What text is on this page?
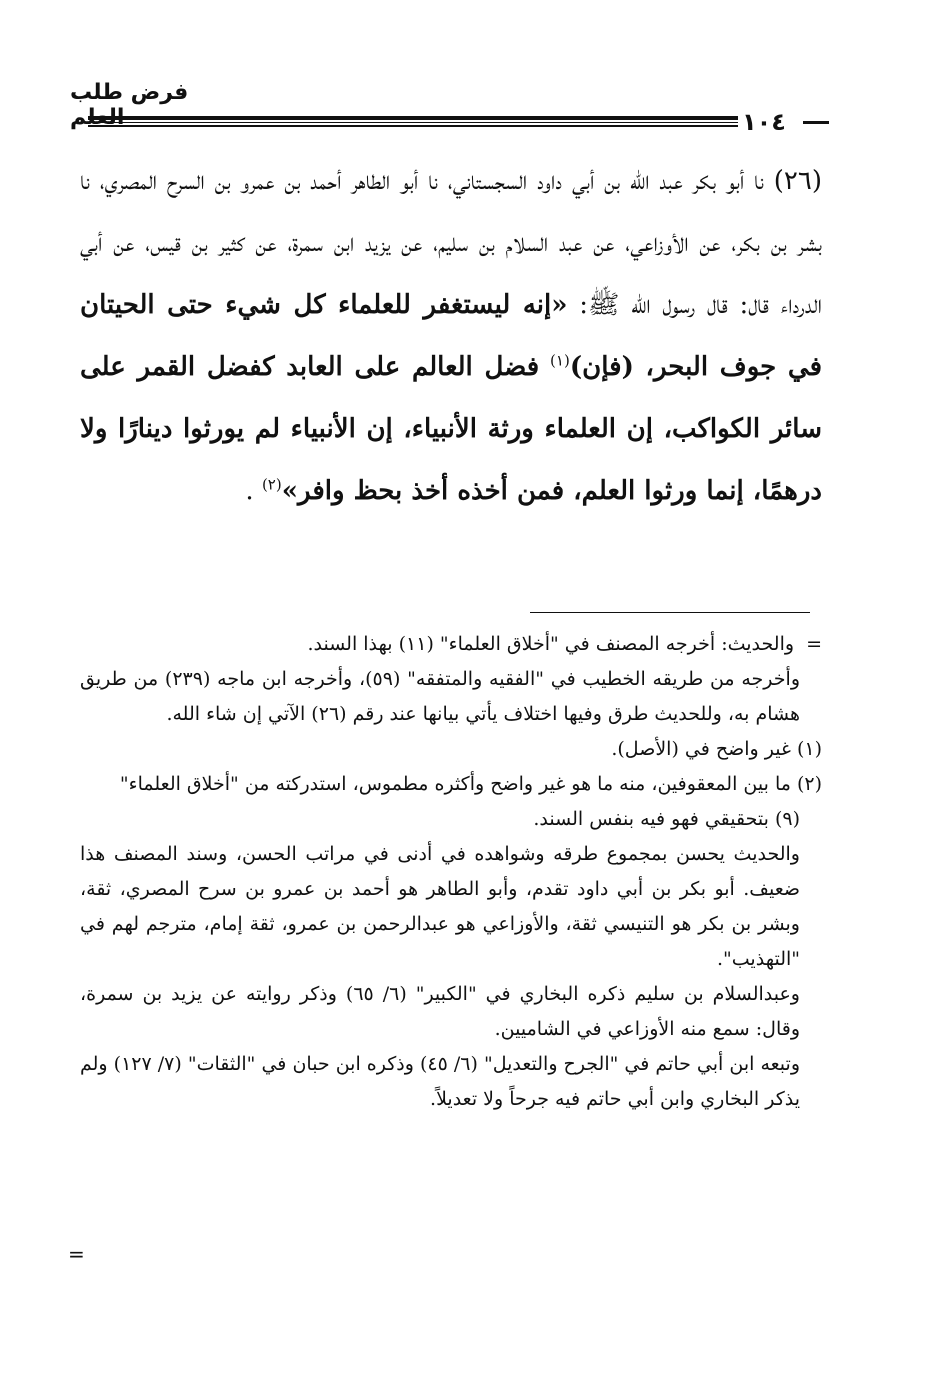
فرض طلب العلم	١٠٤
(٢٦) نا أبو بكر عبد الله بن أبي داود السجستاني، نا أبو الطاهر أحمد بن عمرو بن السرح المصري، نا بشر بن بكر، عن الأوزاعي، عن عبد السلام بن سليم، عن يزيد ابن سمرة، عن كثير بن قيس، عن أبي الدرداء قال: قال رسول الله ﷺ: «إنه ليستغفر للعلماء كل شيء حتى الحيتان في جوف البحر، (فإن)$^{(١)}$ فضل العالم على العابد كفضل القمر على سائر الكواكب، إن العلماء ورثة الأنبياء، إن الأنبياء لم يورثوا دينارًا ولا درهمًا، إنما ورثوا العلم، فمن أخذه أخذ بحظ وافر»$^{(٢)}$ .

= والحديث: أخرجه المصنف في "أخلاق العلماء" (١١) بهذا السند.

وأخرجه من طريقه الخطيب في "الفقيه والمتفقه" (٥٩)، وأخرجه ابن ماجه (٢٣٩) من طريق هشام به، وللحديث طرق وفيها اختلاف يأتي بيانها عند رقم (٢٦) الآتي إن شاء الله.

(١) غير واضح في (الأصل).

(٢) ما بين المعقوفين، منه ما هو غير واضح وأكثره مطموس، استدركته من "أخلاق العلماء"

(٩) بتحقيقي فهو فيه بنفس السند.

والحديث يحسن بمجموع طرقه وشواهده في أدنى في مراتب الحسن، وسند المصنف هذا ضعيف. أبو بكر بن أبي داود تقدم، وأبو الطاهر هو أحمد بن عمرو بن سرح المصري، ثقة، وبشر بن بكر هو التنيسي ثقة، والأوزاعي هو عبدالرحمن بن عمرو، ثقة إمام، مترجم لهم في "التهذيب".

وعبدالسلام بن سليم ذكره البخاري في "الكبير" (٦/ ٦٥) وذكر روايته عن يزيد بن سمرة، وقال: سمع منه الأوزاعي في الشاميين.

وتبعه ابن أبي حاتم في "الجرح والتعديل" (٦/ ٤٥) وذكره ابن حبان في "الثقات" (٧/ ١٢٧) ولم يذكر البخاري وابن أبي حاتم فيه جرحاً ولا تعديلاً.

=
